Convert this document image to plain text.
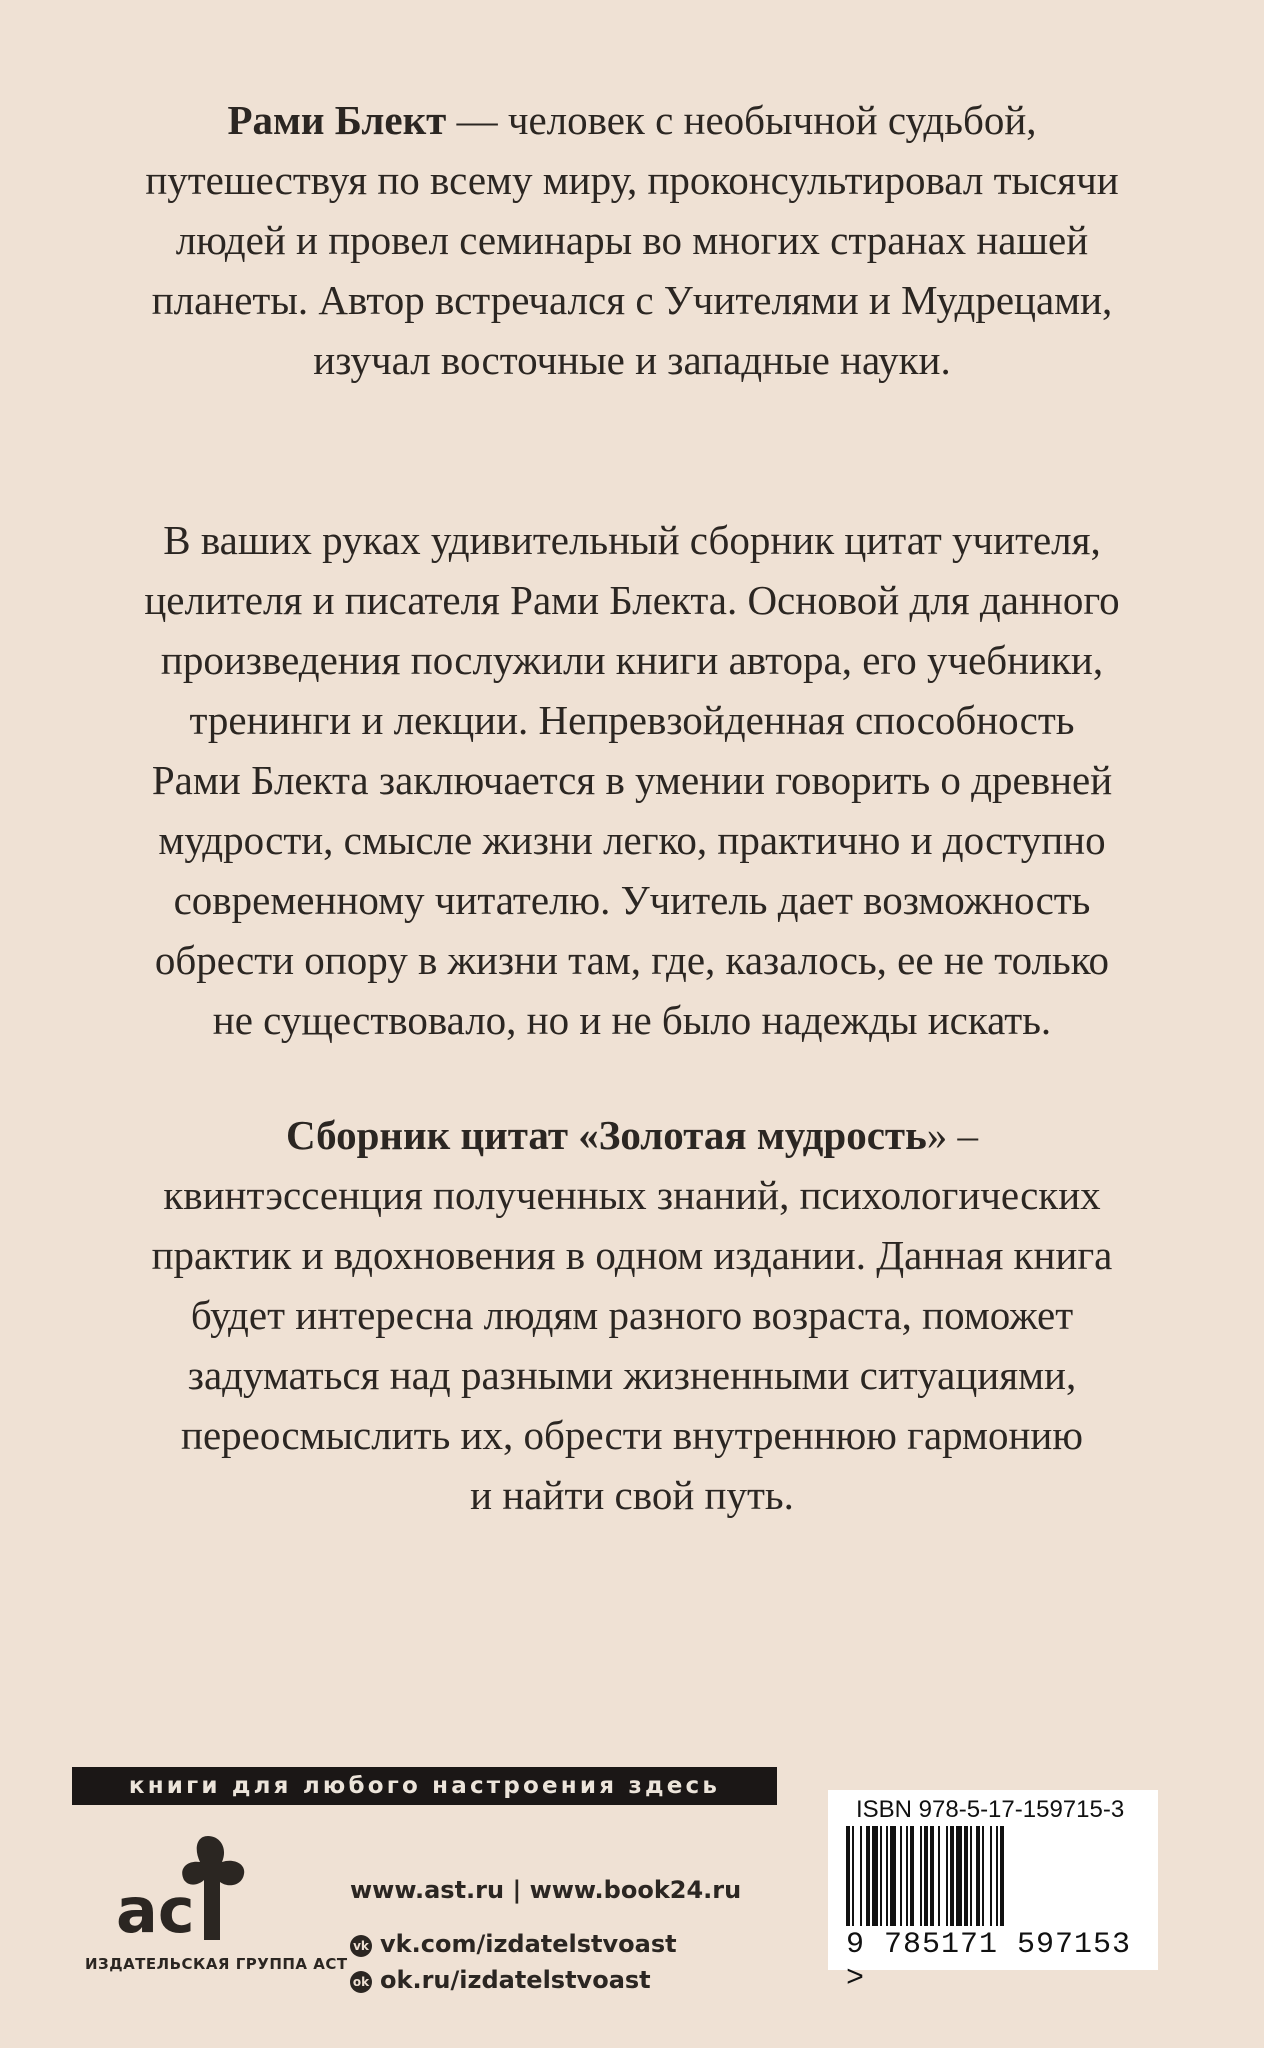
Рами Блект — человек с необычной судьбой,
путешествуя по всему миру, проконсультировал тысячи
людей и провел семинары во многих странах нашей
планеты. Автор встречался с Учителями и Мудрецами,
изучал восточные и западные науки.
В ваших руках удивительный сборник цитат учителя,
целителя и писателя Рами Блекта. Основой для данного
произведения послужили книги автора, его учебники,
тренинги и лекции. Непревзойденная способность
Рами Блекта заключается в умении говорить о древней
мудрости, смысле жизни легко, практично и доступно
современному читателю. Учитель дает возможность
обрести опору в жизни там, где, казалось, ее не только
не существовало, но и не было надежды искать.
Сборник цитат «Золотая мудрость» –
квинтэссенция полученных знаний, психологических
практик и вдохновения в одном издании. Данная книга
будет интересна людям разного возраста, поможет
задуматься над разными жизненными ситуациями,
переосмыслить их, обрести внутреннюю гармонию
и найти свой путь.
книги для любого настроения здесь
ас
ИЗДАТЕЛЬСКАЯ ГРУППА АСТ
www.ast.ru | www.book24.ru
vk vk.com/izdatelstvoast
ok ok.ru/izdatelstvoast
ISBN 978-5-17-159715-3
9 785171 597153 >
